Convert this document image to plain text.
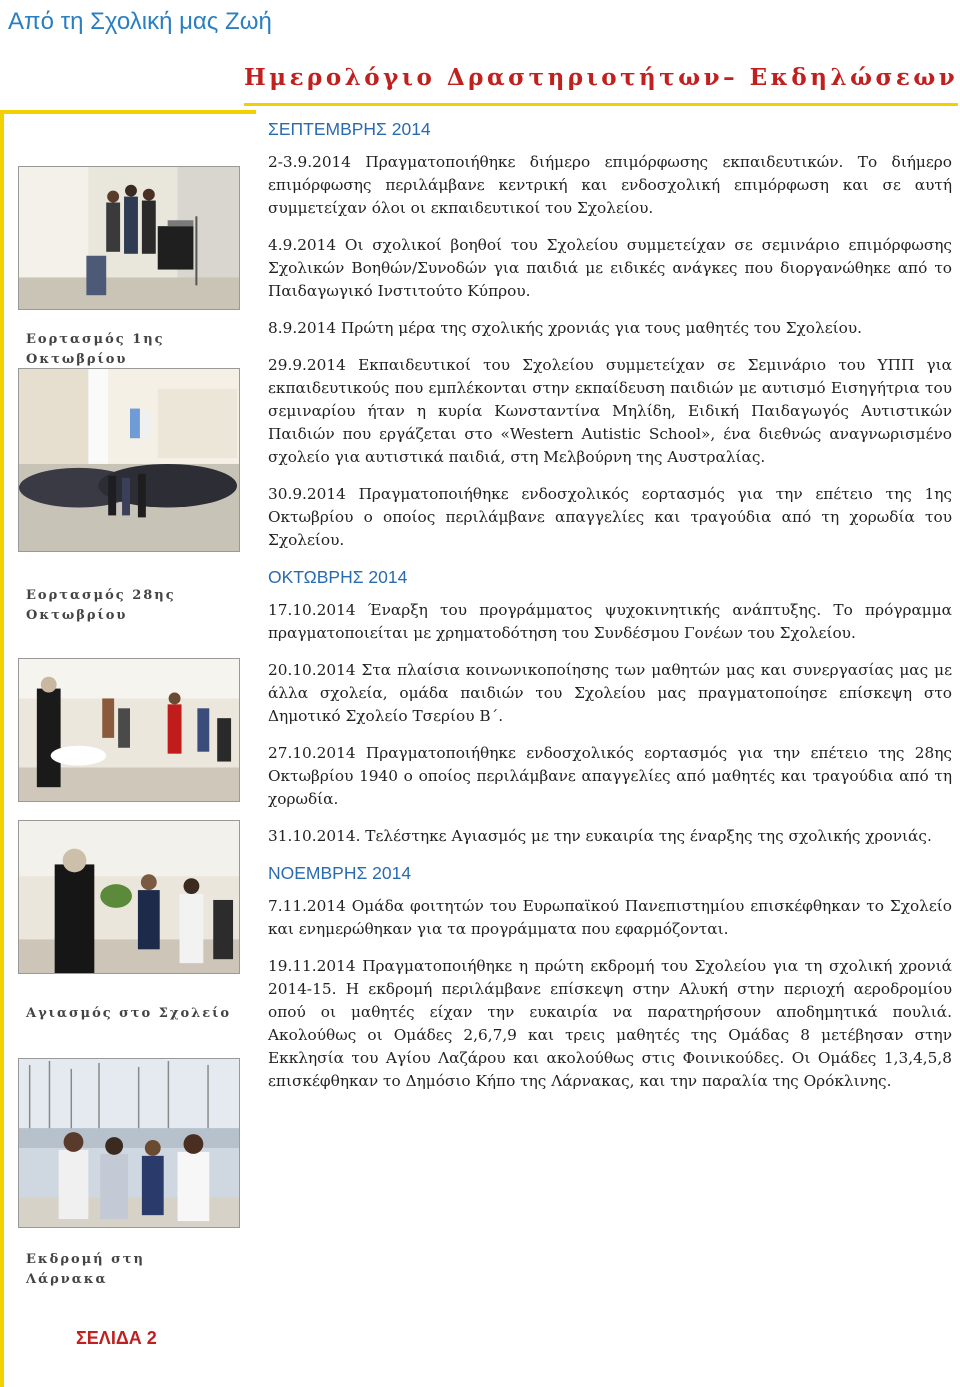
Από τη Σχολική μας Ζωή
Ημερολόγιο Δραστηριοτήτων– Εκδηλώσεων
Εορτασμός 1ης Οκτωβρίου
Εορτασμός 28ης Οκτωβρίου
Αγιασμός στο Σχολείο
Εκδρομή στη Λάρνακα
ΣΕΛΙΔΑ 2
ΣΕΠΤΕΜΒΡΗΣ 2014
2-3.9.2014 Πραγματοποιήθηκε διήμερο επιμόρφωσης εκπαιδευτικών. Το διήμερο επιμόρφωσης περιλάμβανε κεντρική και ενδοσχολική επιμόρφωση και σε αυτή συμμετείχαν όλοι οι εκπαιδευτικοί του Σχολείου.
4.9.2014 Οι σχολικοί βοηθοί του Σχολείου συμμετείχαν σε σεμινάριο επιμόρφωσης Σχολικών Βοηθών/Συνοδών για παιδιά με ειδικές ανάγκες που διοργανώθηκε από το Παιδαγωγικό Ινστιτούτο Κύπρου.
8.9.2014 Πρώτη μέρα της σχολικής χρονιάς για τους μαθητές του Σχολείου.
29.9.2014 Εκπαιδευτικοί του Σχολείου συμμετείχαν σε Σεμινάριο του ΥΠΠ για εκπαιδευτικούς που εμπλέκονται στην εκπαίδευση παιδιών με αυτισμό Εισηγήτρια του σεμιναρίου ήταν η κυρία Κωνσταντίνα Μηλίδη, Ειδική Παιδαγωγός Αυτιστικών Παιδιών που εργάζεται στο «Western Autistic School», ένα διεθνώς αναγνωρισμένο σχολείο για αυτιστικά παιδιά, στη Μελβούρνη της Αυστραλίας.
30.9.2014 Πραγματοποιήθηκε ενδοσχολικός εορτασμός για την επέτειο της 1ης Οκτωβρίου ο οποίος περιλάμβανε απαγγελίες και τραγούδια από τη χορωδία του Σχολείου.
ΟΚΤΩΒΡΗΣ 2014
17.10.2014 Έναρξη του προγράμματος ψυχοκινητικής ανάπτυξης. Το πρόγραμμα πραγματοποιείται με χρηματοδότηση του Συνδέσμου Γονέων του Σχολείου.
20.10.2014 Στα πλαίσια κοινωνικοποίησης των μαθητών μας και συνεργασίας μας με άλλα σχολεία, ομάδα παιδιών του Σχολείου μας πραγματοποίησε επίσκεψη στο Δημοτικό Σχολείο Τσερίου Β΄.
27.10.2014 Πραγματοποιήθηκε ενδοσχολικός εορτασμός για την επέτειο της 28ης Οκτωβρίου 1940 ο οποίος περιλάμβανε απαγγελίες από μαθητές και τραγούδια από τη χορωδία.
31.10.2014. Τελέστηκε Αγιασμός με την ευκαιρία της έναρξης της σχολικής χρονιάς.
ΝΟΕΜΒΡΗΣ 2014
7.11.2014 Ομάδα φοιτητών του Ευρωπαϊκού Πανεπιστημίου επισκέφθηκαν το Σχολείο και ενημερώθηκαν για τα προγράμματα που εφαρμόζονται.
19.11.2014 Πραγματοποιήθηκε η πρώτη εκδρομή του Σχολείου για τη σχολική χρονιά 2014-15. Η εκδρομή περιλάμβανε επίσκεψη στην Αλυκή στην περιοχή αεροδρομίου οπού οι μαθητές είχαν την ευκαιρία να παρατηρήσουν αποδημητικά πουλιά. Ακολούθως οι Ομάδες 2,6,7,9 και τρεις μαθητές της Ομάδας 8 μετέβησαν στην Εκκλησία του Αγίου Λαζάρου και ακολούθως στις Φοινικούδες. Οι Ομάδες 1,3,4,5,8 επισκέφθηκαν το Δημόσιο Κήπο της Λάρνακας, και την παραλία της Ορόκλινης.
